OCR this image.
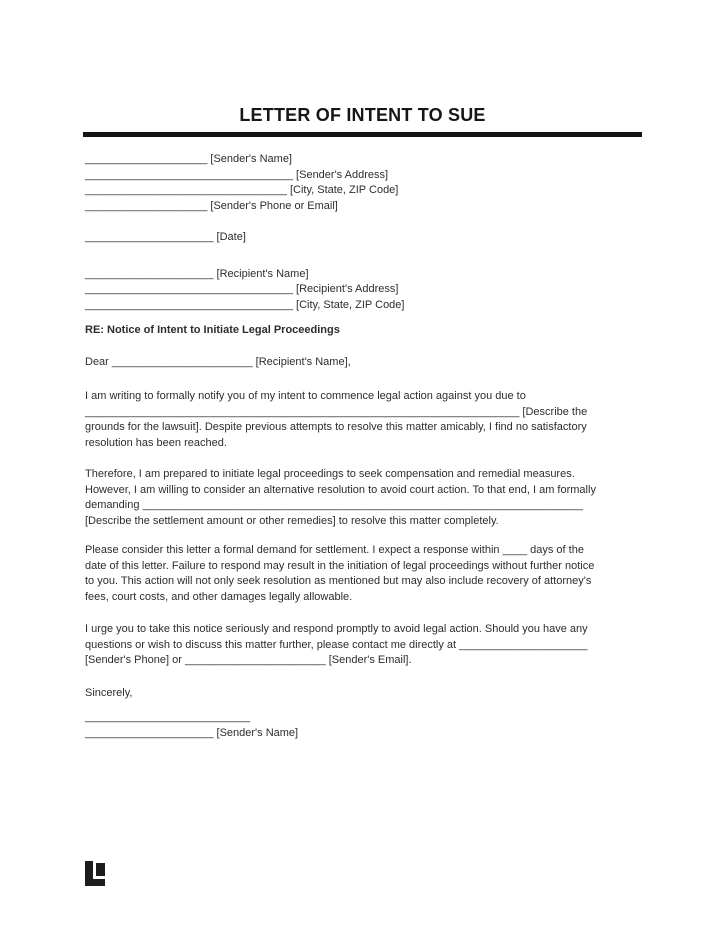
LETTER OF INTENT TO SUE
____________________ [Sender's Name]
__________________________________ [Sender's Address]
_________________________________ [City, State, ZIP Code]
____________________ [Sender's Phone or Email]
_____________________ [Date]
_____________________ [Recipient's Name]
__________________________________ [Recipient's Address]
__________________________________ [City, State, ZIP Code]
RE: Notice of Intent to Initiate Legal Proceedings
Dear _______________________ [Recipient's Name],
I am writing to formally notify you of my intent to commence legal action against you due to
_______________________________________________________________________ [Describe the
grounds for the lawsuit]. Despite previous attempts to resolve this matter amicably, I find no satisfactory
resolution has been reached.
Therefore, I am prepared to initiate legal proceedings to seek compensation and remedial measures.
However, I am willing to consider an alternative resolution to avoid court action. To that end, I am formally
demanding ________________________________________________________________________
[Describe the settlement amount or other remedies] to resolve this matter completely.
Please consider this letter a formal demand for settlement. I expect a response within ____ days of the
date of this letter. Failure to respond may result in the initiation of legal proceedings without further notice
to you. This action will not only seek resolution as mentioned but may also include recovery of attorney's
fees, court costs, and other damages legally allowable.
I urge you to take this notice seriously and respond promptly to avoid legal action. Should you have any
questions or wish to discuss this matter further, please contact me directly at _____________________
[Sender's Phone] or _______________________ [Sender's Email].
Sincerely,
___________________________
_____________________ [Sender's Name]
